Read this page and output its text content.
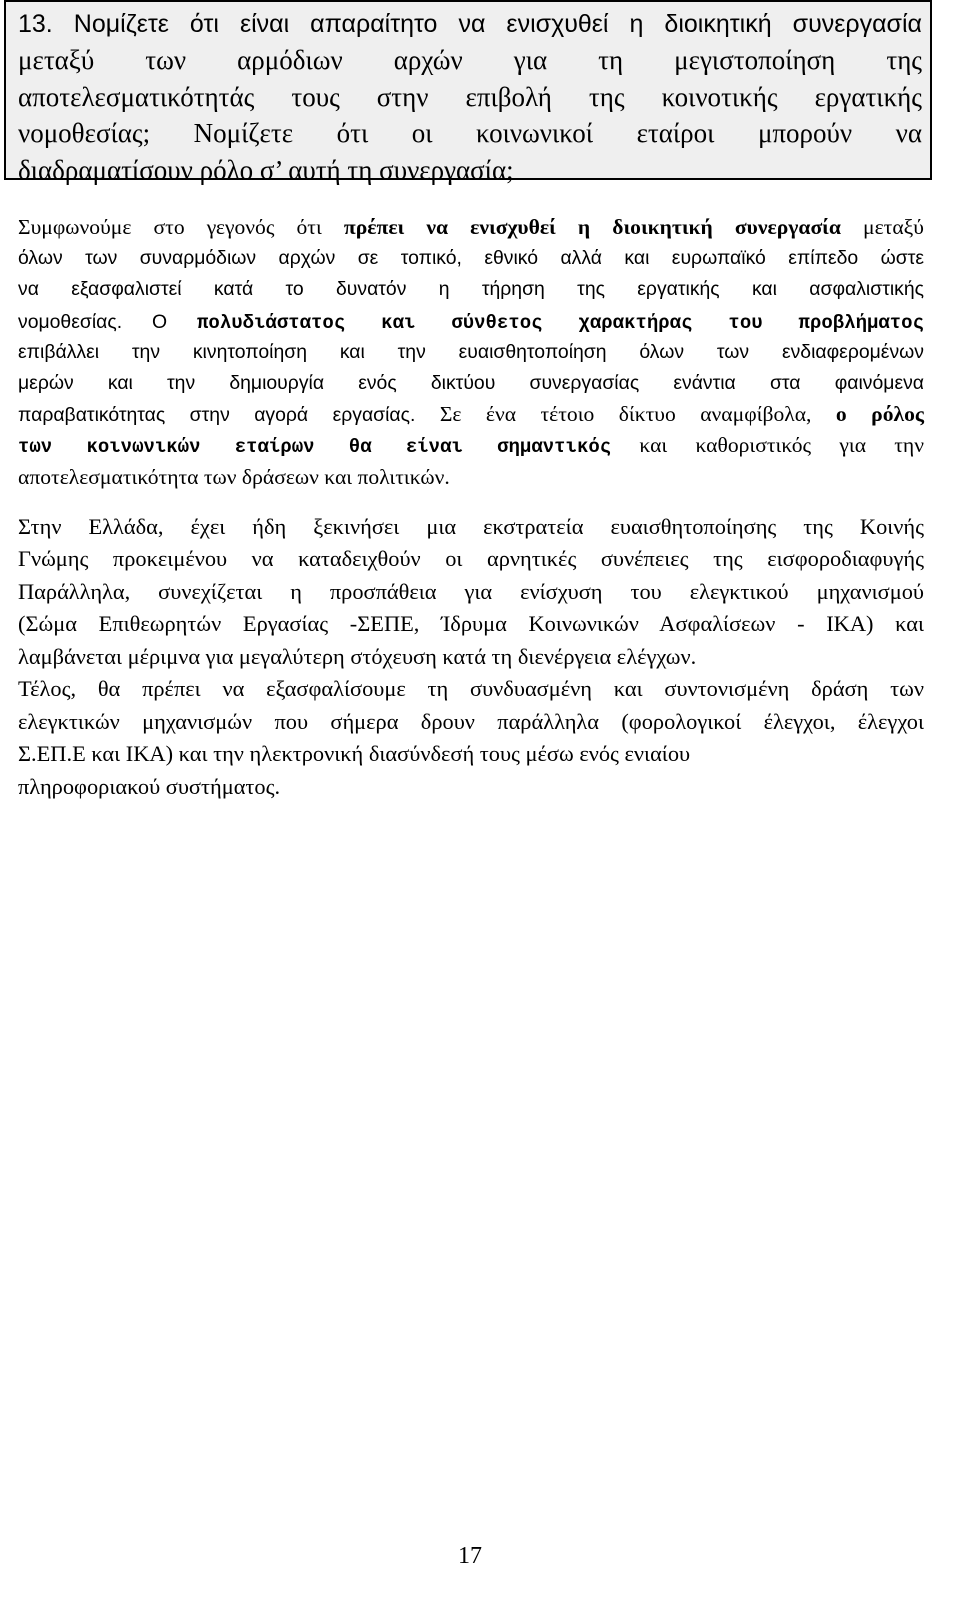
13. Νομίζετε ότι είναι απαραίτητο να ενισχυθεί η διοικητική συνεργασία
μεταξύ των αρμόδιων αρχών για τη μεγιστοποίηση της
αποτελεσματικότητάς τους στην επιβολή της κοινοτικής εργατικής
νομοθεσίας; Νομίζετε ότι οι κοινωνικοί εταίροι μπορούν να
διαδραματίσουν ρόλο σ’ αυτή τη συνεργασία;
Συμφωνούμε στο γεγονός ότι πρέπει να ενισχυθεί η διοικητική συνεργασία μεταξύ
όλων των συναρμόδιων αρχών σε τοπικό, εθνικό αλλά και ευρωπαϊκό επίπεδο ώστε
να εξασφαλιστεί κατά το δυνατόν η τήρηση της εργατικής και ασφαλιστικής
νομοθεσίας. Ο πολυδιάστατος και σύνθετος χαρακτήρας του προβλήματος
επιβάλλει την κινητοποίηση και την ευαισθητοποίηση όλων των ενδιαφερομένων
μερών και την δημιουργία ενός δικτύου συνεργασίας ενάντια στα φαινόμενα
παραβατικότητας στην αγορά εργασίας. Σε ένα τέτοιο δίκτυο αναμφίβολα, ο ρόλος
των κοινωνικών εταίρων θα είναι σημαντικός και καθοριστικός για την
αποτελεσματικότητα των δράσεων και πολιτικών.
Στην Ελλάδα, έχει ήδη ξεκινήσει μια εκστρατεία ευαισθητοποίησης της Κοινής
Γνώμης προκειμένου να καταδειχθούν οι αρνητικές συνέπειες της εισφοροδιαφυγής
Παράλληλα, συνεχίζεται η προσπάθεια για ενίσχυση του ελεγκτικού μηχανισμού
(Σώμα Επιθεωρητών Εργασίας -ΣΕΠΕ, Ίδρυμα Κοινωνικών Ασφαλίσεων - ΙΚΑ) και
λαμβάνεται μέριμνα για μεγαλύτερη στόχευση κατά τη διενέργεια ελέγχων.
Τέλος, θα πρέπει να εξασφαλίσουμε τη συνδυασμένη και συντονισμένη δράση των
ελεγκτικών μηχανισμών που σήμερα δρουν παράλληλα (φορολογικοί έλεγχοι, έλεγχοι
Σ.ΕΠ.Ε και ΙΚΑ) και την ηλεκτρονική διασύνδεσή τους μέσω ενός ενιαίου
πληροφοριακού συστήματος.
17
